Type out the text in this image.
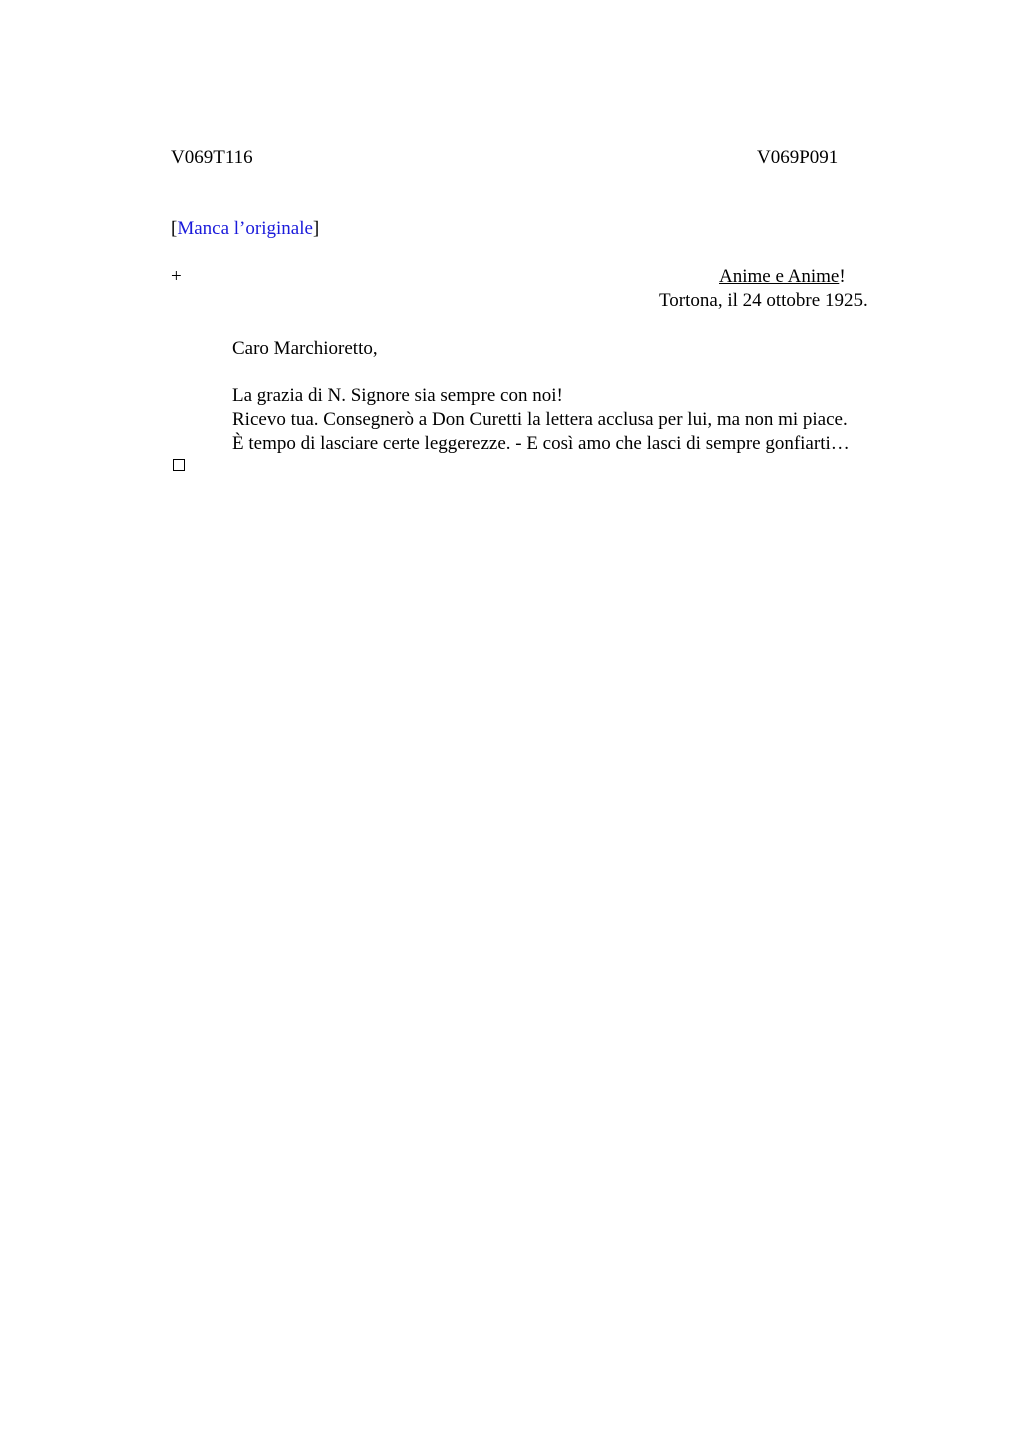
V069T116	V069P091
[Manca l’originale]
+	Anime e Anime!
Tortona, il 24 ottobre 1925.
Caro Marchioretto,
La grazia di N. Signore sia sempre con noi!
Ricevo tua. Consegnerò a Don Curetti la lettera acclusa per lui, ma non mi piace.
È tempo di lasciare certe leggerezze. - E così amo che lasci di sempre gonfiarti…
